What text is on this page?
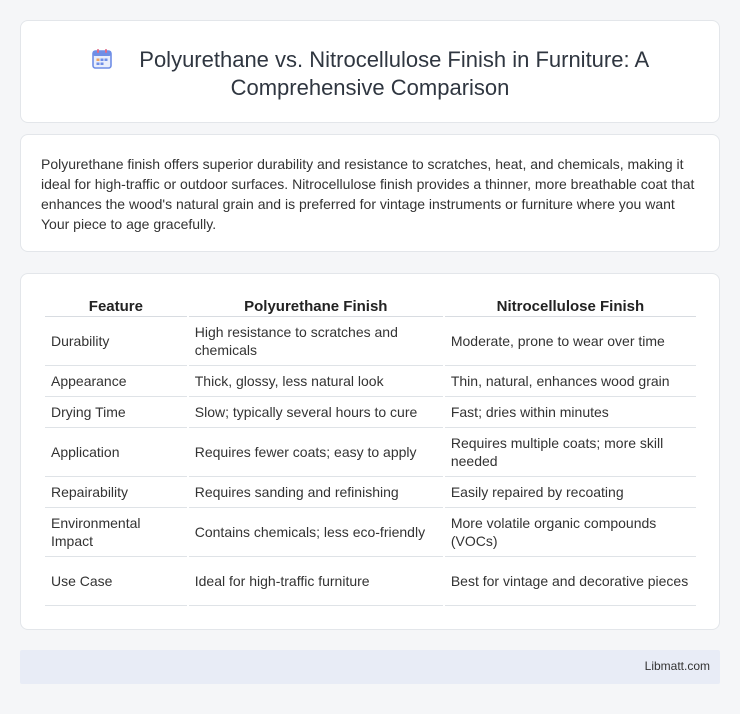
Polyurethane vs. Nitrocellulose Finish in Furniture: A Comprehensive Comparison

Polyurethane finish offers superior durability and resistance to scratches, heat, and chemicals, making it ideal for high-traffic or outdoor surfaces. Nitrocellulose finish provides a thinner, more breathable coat that enhances the wood's natural grain and is preferred for vintage instruments or furniture where you want Your piece to age gracefully.

Feature	Polyurethane Finish	Nitrocellulose Finish
Durability	High resistance to scratches and chemicals	Moderate, prone to wear over time
Appearance	Thick, glossy, less natural look	Thin, natural, enhances wood grain
Drying Time	Slow; typically several hours to cure	Fast; dries within minutes
Application	Requires fewer coats; easy to apply	Requires multiple coats; more skill needed
Repairability	Requires sanding and refinishing	Easily repaired by recoating
Environmental Impact	Contains chemicals; less eco-friendly	More volatile organic compounds (VOCs)
Use Case	Ideal for high-traffic furniture	Best for vintage and decorative pieces
Libmatt.com
